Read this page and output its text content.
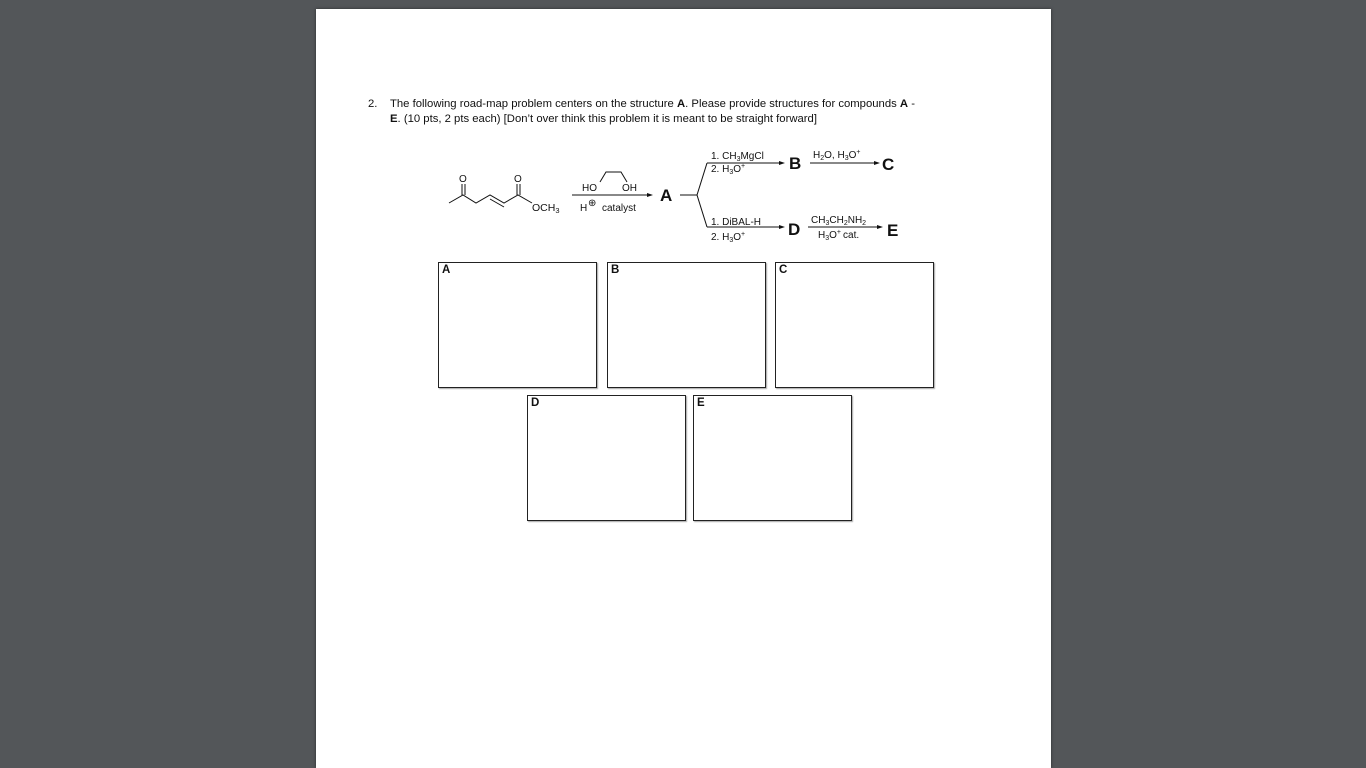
2. The following road-map problem centers on the structure A. Please provide structures for compounds A -
E. (10 pts, 2 pts each) [Don’t over think this problem it is meant to be straight forward]
O	O
OCH3
HO	OH
H ⊕ catalyst
A
1. $CH_3MgCl$
2. $H_3O^+$	B $H_2O$, $H_3O^+$
C
1. DiBAL-H
2. $H_3O^+$	D $CH_3CH_2NH_2$
$H_3O^+$ cat. E
A	B	C
D	E
